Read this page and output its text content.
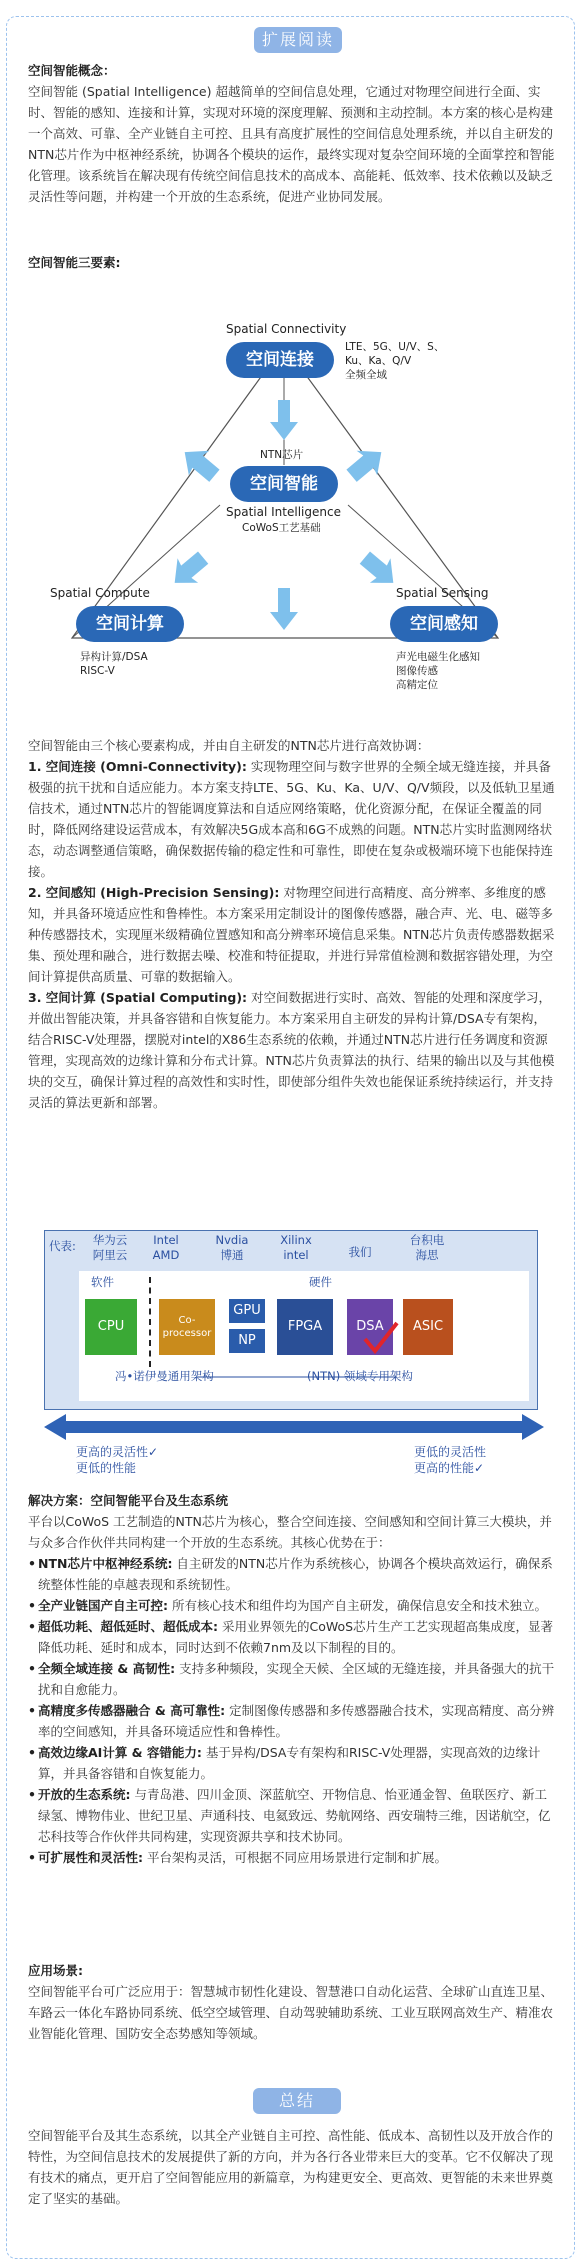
扩展阅读

空间智能概念：

空间智能 (Spatial Intelligence) 超越简单的空间信息处理，它通过对物理空间进行全面、实时、智能的感知、连接和计算，实现对环境的深度理解、预测和主动控制。本方案的核心是构建一个高效、可靠、全产业链自主可控、且具有高度扩展性的空间信息处理系统，并以自主研发的NTN芯片作为中枢神经系统，协调各个模块的运作，最终实现对复杂空间环境的全面掌控和智能化管理。该系统旨在解决现有传统空间信息技术的高成本、高能耗、低效率、技术依赖以及缺乏灵活性等问题，并构建一个开放的生态系统，促进产业协同发展。

空间智能三要素:

Spatial Connectivity
空间连接
LTE、5G、U/V、S、
Ku、Ka、Q/V
全频全域
NTN芯片
空间智能
Spatial Intelligence
CoWoS工艺基础
Spatial Compute
空间计算
异构计算/DSA
RISC-V
Spatial Sensing
空间感知
声光电磁生化感知
图像传感
高精定位

空间智能由三个核心要素构成，并由自主研发的NTN芯片进行高效协调：

1. 空间连接 (Omni-Connectivity): 实现物理空间与数字世界的全频全域无缝连接，并具备极强的抗干扰和自适应能力。本方案支持LTE、5G、Ku、Ka、U/V、Q/V频段，以及低轨卫星通信技术，通过NTN芯片的智能调度算法和自适应网络策略，优化资源分配，在保证全覆盖的同时，降低网络建设运营成本，有效解决5G成本高和6G不成熟的问题。NTN芯片实时监测网络状态，动态调整通信策略，确保数据传输的稳定性和可靠性，即使在复杂或极端环境下也能保持连接。

2. 空间感知 (High-Precision Sensing): 对物理空间进行高精度、高分辨率、多维度的感知，并具备环境适应性和鲁棒性。本方案采用定制设计的图像传感器，融合声、光、电、磁等多种传感器技术，实现厘米级精确位置感知和高分辨率环境信息采集。NTN芯片负责传感器数据采集、预处理和融合，进行数据去噪、校准和特征提取，并进行异常值检测和数据容错处理，为空间计算提供高质量、可靠的数据输入。

3. 空间计算 (Spatial Computing): 对空间数据进行实时、高效、智能的处理和深度学习，并做出智能决策，并具备容错和自恢复能力。本方案采用自主研发的异构计算/DSA专有架构，结合RISC-V处理器，摆脱对intel的X86生态系统的依赖，并通过NTN芯片进行任务调度和资源管理，实现高效的边缘计算和分布式计算。NTN芯片负责算法的执行、结果的输出以及与其他模块的交互，确保计算过程的高效性和实时性，即使部分组件失效也能保证系统持续运行，并支持灵活的算法更新和部署。

代表:	华为云
阿里云
Intel
AMD
Nvdia
博通
Xilinx
intel	我们
台积电
海思
软件	硬件
CPU	Co-
processor
GPU
NP
FPGA	DSA	ASIC
冯•诺伊曼通用架构	(NTN) 领域专用架构
更高的灵活性✓
更低的性能
更低的灵活性
更高的性能✓

解决方案：空间智能平台及生态系统

平台以CoWoS 工艺制造的NTN芯片为核心，整合空间连接、空间感知和空间计算三大模块，并与众多合作伙伴共同构建一个开放的生态系统。其核心优势在于：

• NTN芯片中枢神经系统: 自主研发的NTN芯片作为系统核心，协调各个模块高效运行，确保系统整体性能的卓越表现和系统韧性。
• 全产业链国产自主可控: 所有核心技术和组件均为国产自主研发，确保信息安全和技术独立。
• 超低功耗、超低延时、超低成本: 采用业界领先的CoWoS芯片生产工艺实现超高集成度，显著降低功耗、延时和成本，同时达到不依赖7nm及以下制程的目的。
• 全频全域连接 & 高韧性: 支持多种频段，实现全天候、全区域的无缝连接，并具备强大的抗干扰和自愈能力。
• 高精度多传感器融合 & 高可靠性: 定制图像传感器和多传感器融合技术，实现高精度、高分辨率的空间感知，并具备环境适应性和鲁棒性。
• 高效边缘AI计算 & 容错能力: 基于异构/DSA专有架构和RISC-V处理器，实现高效的边缘计算，并具备容错和自恢复能力。
• 开放的生态系统: 与青岛港、四川金顶、深蓝航空、开物信息、怡亚通金智、鱼联医疗、新工绿氢、博物伟业、世纪卫星、声通科技、电氦致远、势航网络、西安瑞特三维，因诺航空，亿芯科技等合作伙伴共同构建，实现资源共享和技术协同。
• 可扩展性和灵活性: 平台架构灵活，可根据不同应用场景进行定制和扩展。

应用场景:

空间智能平台可广泛应用于：智慧城市韧性化建设、智慧港口自动化运营、全球矿山直连卫星、车路云一体化车路协同系统、低空空域管理、自动驾驶辅助系统、工业互联网高效生产、精准农业智能化管理、国防安全态势感知等领域。

总结

空间智能平台及其生态系统，以其全产业链自主可控、高性能、低成本、高韧性以及开放合作的特性，为空间信息技术的发展提供了新的方向，并为各行各业带来巨大的变革。它不仅解决了现有技术的痛点，更开启了空间智能应用的新篇章，为构建更安全、更高效、更智能的未来世界奠定了坚实的基础。
